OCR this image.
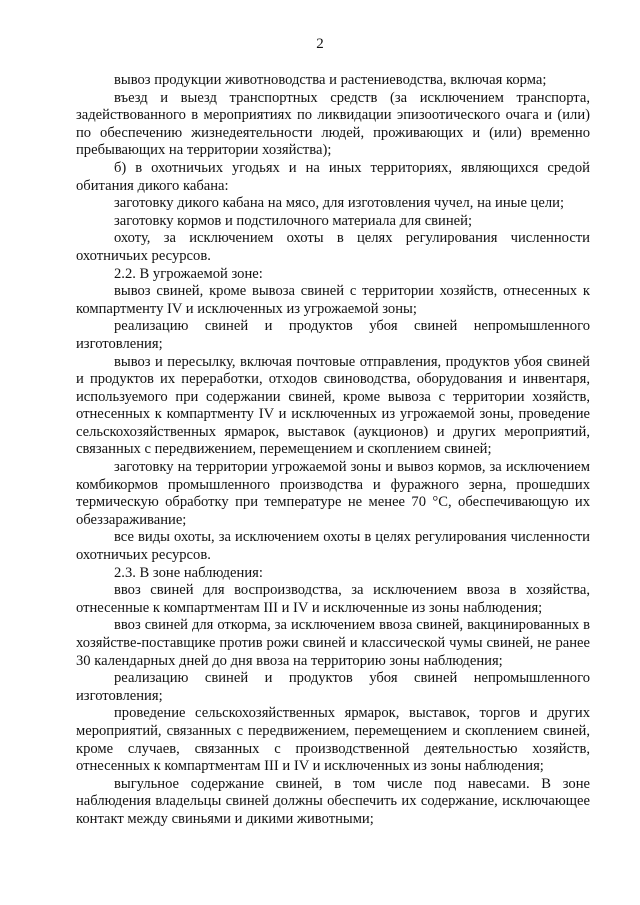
2

вывоз продукции животноводства и растениеводства, включая корма;

въезд и выезд транспортных средств (за исключением транспорта, задействованного в мероприятиях по ликвидации эпизоотического очага и (или) по обеспечению жизнедеятельности людей, проживающих и (или) временно пребывающих на территории хозяйства);

б) в охотничьих угодьях и на иных территориях, являющихся средой обитания дикого кабана:

заготовку дикого кабана на мясо, для изготовления чучел, на иные цели;

заготовку кормов и подстилочного материала для свиней;

охоту, за исключением охоты в целях регулирования численности охотничьих ресурсов.

2.2. В угрожаемой зоне:

вывоз свиней, кроме вывоза свиней с территории хозяйств, отнесенных к компартменту IV и исключенных из угрожаемой зоны;

реализацию свиней и продуктов убоя свиней непромышленного изготовления;

вывоз и пересылку, включая почтовые отправления, продуктов убоя свиней и продуктов их переработки, отходов свиноводства, оборудования и инвентаря, используемого при содержании свиней, кроме вывоза с территории хозяйств, отнесенных к компартменту IV и исключенных из угрожаемой зоны, проведение сельскохозяйственных ярмарок, выставок (аукционов) и других мероприятий, связанных с передвижением, перемещением и скоплением свиней;

заготовку на территории угрожаемой зоны и вывоз кормов, за исключением комбикормов промышленного производства и фуражного зерна, прошедших термическую обработку при температуре не менее 70 °C, обеспечивающую их обеззараживание;

все виды охоты, за исключением охоты в целях регулирования численности охотничьих ресурсов.

2.3. В зоне наблюдения:

ввоз свиней для воспроизводства, за исключением ввоза в хозяйства, отнесенные к компартментам III и IV и исключенные из зоны наблюдения;

ввоз свиней для откорма, за исключением ввоза свиней, вакцинированных в хозяйстве-поставщике против рожи свиней и классической чумы свиней, не ранее 30 календарных дней до дня ввоза на территорию зоны наблюдения;

реализацию свиней и продуктов убоя свиней непромышленного изготовления;

проведение сельскохозяйственных ярмарок, выставок, торгов и других мероприятий, связанных с передвижением, перемещением и скоплением свиней, кроме случаев, связанных с производственной деятельностью хозяйств, отнесенных к компартментам III и IV и исключенных из зоны наблюдения;

выгульное содержание свиней, в том числе под навесами. В зоне наблюдения владельцы свиней должны обеспечить их содержание, исключающее контакт между свиньями и дикими животными;
